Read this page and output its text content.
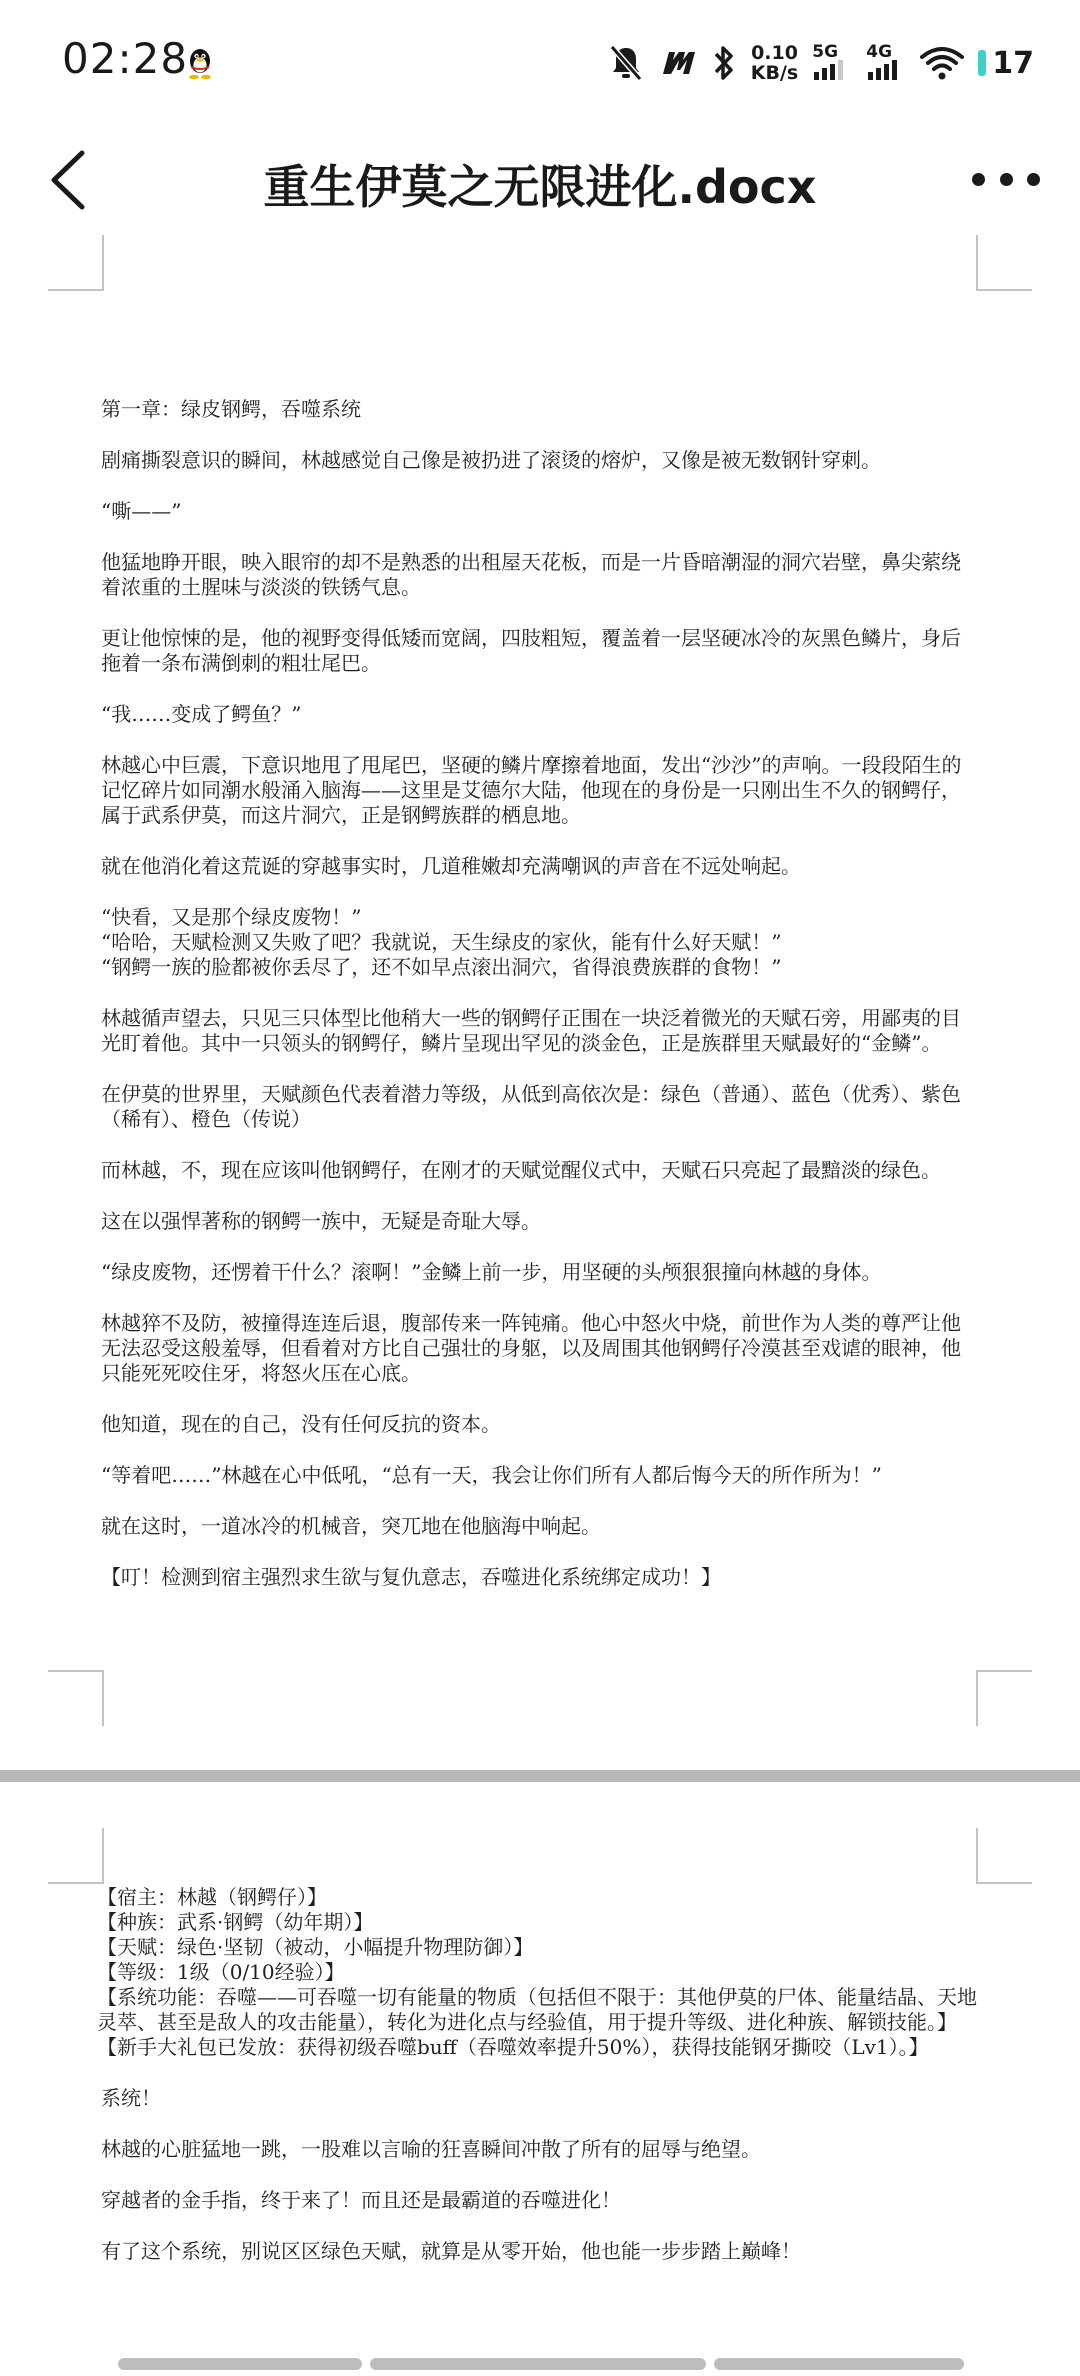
02:28	0.10
KB/s
5G 4G	17
重生伊莫之无限进化.docx

第一章：绿皮钢鳄，吞噬系统

剧痛撕裂意识的瞬间，林越感觉自己像是被扔进了滚烫的熔炉，又像是被无数钢针穿刺。

“嘶——”

他猛地睁开眼，映入眼帘的却不是熟悉的出租屋天花板，而是一片昏暗潮湿的洞穴岩壁，鼻尖萦绕着浓重的土腥味与淡淡的铁锈气息。

更让他惊悚的是，他的视野变得低矮而宽阔，四肢粗短，覆盖着一层坚硬冰冷的灰黑色鳞片，身后拖着一条布满倒刺的粗壮尾巴。

“我……变成了鳄鱼？”

林越心中巨震，下意识地甩了甩尾巴，坚硬的鳞片摩擦着地面，发出“沙沙”的声响。一段段陌生的记忆碎片如同潮水般涌入脑海——这里是艾德尔大陆，他现在的身份是一只刚出生不久的钢鳄仔，属于武系伊莫，而这片洞穴，正是钢鳄族群的栖息地。

就在他消化着这荒诞的穿越事实时，几道稚嫩却充满嘲讽的声音在不远处响起。

“快看，又是那个绿皮废物！”

“哈哈，天赋检测又失败了吧？我就说，天生绿皮的家伙，能有什么好天赋！”

“钢鳄一族的脸都被你丢尽了，还不如早点滚出洞穴，省得浪费族群的食物！”

林越循声望去，只见三只体型比他稍大一些的钢鳄仔正围在一块泛着微光的天赋石旁，用鄙夷的目光盯着他。其中一只领头的钢鳄仔，鳞片呈现出罕见的淡金色，正是族群里天赋最好的“金鳞”。

在伊莫的世界里，天赋颜色代表着潜力等级，从低到高依次是：绿色（普通）、蓝色（优秀）、紫色（稀有）、橙色（传说）

而林越，不，现在应该叫他钢鳄仔，在刚才的天赋觉醒仪式中，天赋石只亮起了最黯淡的绿色。

这在以强悍著称的钢鳄一族中，无疑是奇耻大辱。

“绿皮废物，还愣着干什么？滚啊！”金鳞上前一步，用坚硬的头颅狠狠撞向林越的身体。

林越猝不及防，被撞得连连后退，腹部传来一阵钝痛。他心中怒火中烧，前世作为人类的尊严让他无法忍受这般羞辱，但看着对方比自己强壮的身躯，以及周围其他钢鳄仔冷漠甚至戏谑的眼神，他只能死死咬住牙，将怒火压在心底。

他知道，现在的自己，没有任何反抗的资本。

“等着吧……”林越在心中低吼，“总有一天，我会让你们所有人都后悔今天的所作所为！”

就在这时，一道冰冷的机械音，突兀地在他脑海中响起。

【叮！检测到宿主强烈求生欲与复仇意志，吞噬进化系统绑定成功！】

【宿主：林越（钢鳄仔）】

【种族：武系·钢鳄（幼年期）】

【天赋：绿色·坚韧（被动，小幅提升物理防御）】

【等级：1级（0/10经验）】

【系统功能：吞噬——可吞噬一切有能量的物质（包括但不限于：其他伊莫的尸体、能量结晶、天地灵萃、甚至是敌人的攻击能量），转化为进化点与经验值，用于提升等级、进化种族、解锁技能。】

【新手大礼包已发放：获得初级吞噬buff（吞噬效率提升50%），获得技能钢牙撕咬（Lv1）。】

系统！

林越的心脏猛地一跳，一股难以言喻的狂喜瞬间冲散了所有的屈辱与绝望。

穿越者的金手指，终于来了！而且还是最霸道的吞噬进化！

有了这个系统，别说区区绿色天赋，就算是从零开始，他也能一步步踏上巅峰！
